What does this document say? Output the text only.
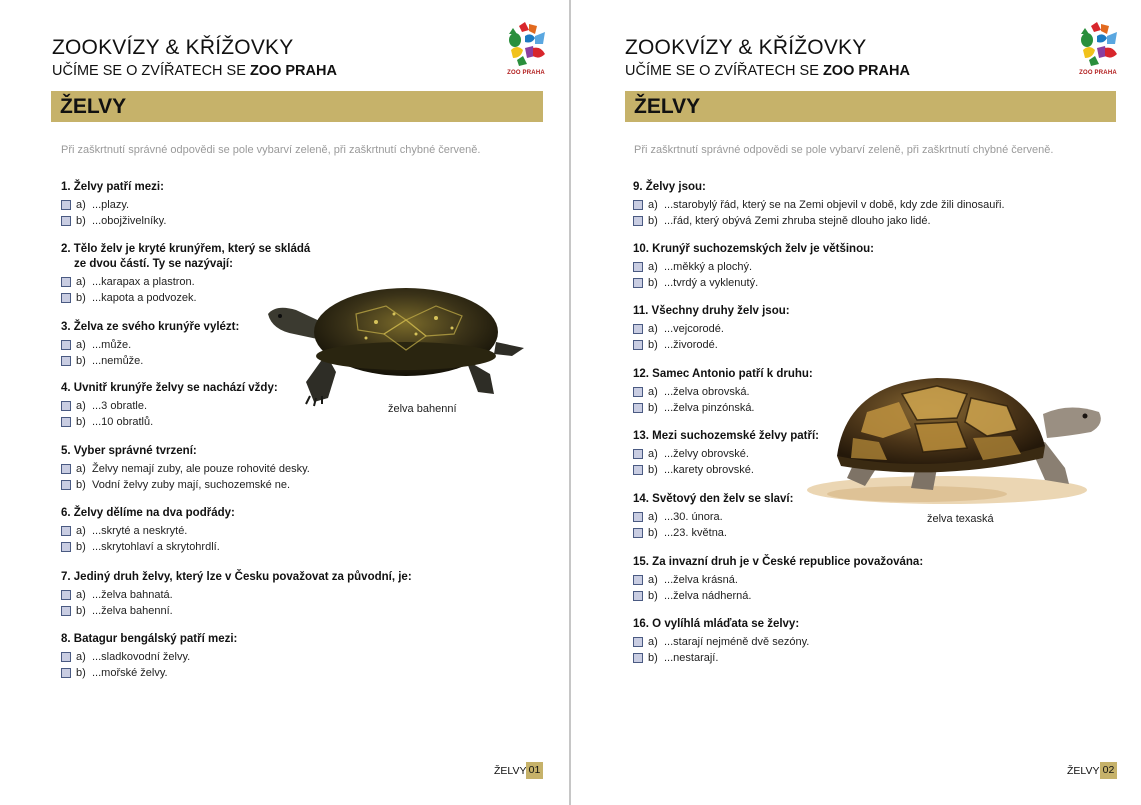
ZOOKVÍZY & KŘÍŽOVKY
UČÍME SE O ZVÍŘATECH SE ZOO PRAHA	ZOO PRAHA
ŽELVY
Při zaškrtnutí správné odpovědi se pole vybarví zeleně, při zaškrtnutí chybné červeně.
1. Želvy patří mezi:
a) ...plazy.
b) ...obojživelníky.
2. Tělo želv je kryté krunýřem, který se skládá
ze dvou částí. Ty se nazývají:
a) ...karapax a plastron.
b) ...kapota a podvozek.
3. Želva ze svého krunýře vylézt:
a) ...může.
b) ...nemůže.
4. Uvnitř krunýře želvy se nachází vždy:
a) ...3 obratle.
b) ...10 obratlů.
5. Vyber správné tvrzení:
a) Želvy nemají zuby, ale pouze rohovité desky.
b) Vodní želvy zuby mají, suchozemské ne.
6. Želvy dělíme na dva podřády:
a) ...skryté a neskryté.
b) ...skrytohlaví a skrytohrdlí.
7. Jediný druh želvy, který lze v Česku považovat za původní, je:
a) ...želva bahnatá.
b) ...želva bahenní.
8. Batagur bengálský patří mezi:
a) ...sladkovodní želvy.
b) ...mořské želvy.
želva bahenní
ŽELVY 01
ZOOKVÍZY & KŘÍŽOVKY
UČÍME SE O ZVÍŘATECH SE ZOO PRAHA	ZOO PRAHA
ŽELVY
Při zaškrtnutí správné odpovědi se pole vybarví zeleně, při zaškrtnutí chybné červeně.
9. Želvy jsou:
a) ...starobylý řád, který se na Zemi objevil v době, kdy zde žili dinosauři.
b) ...řád, který obývá Zemi zhruba stejně dlouho jako lidé.
10. Krunýř suchozemských želv je většinou:
a) ...měkký a plochý.
b) ...tvrdý a vyklenutý.
11. Všechny druhy želv jsou:
a) ...vejcorodé.
b) ...živorodé.
12. Samec Antonio patří k druhu:
a) ...želva obrovská.
b) ...želva pinzónská.
13. Mezi suchozemské želvy patří:
a) ...želvy obrovské.
b) ...karety obrovské.
14. Světový den želv se slaví:
a) ...30. února.
b) ...23. května.
15. Za invazní druh je v České republice považována:
a) ...želva krásná.
b) ...želva nádherná.
16. O vylíhlá mláďata se želvy:
a) ...starají nejméně dvě sezóny.
b) ...nestarají.
želva texaská
ŽELVY 02
